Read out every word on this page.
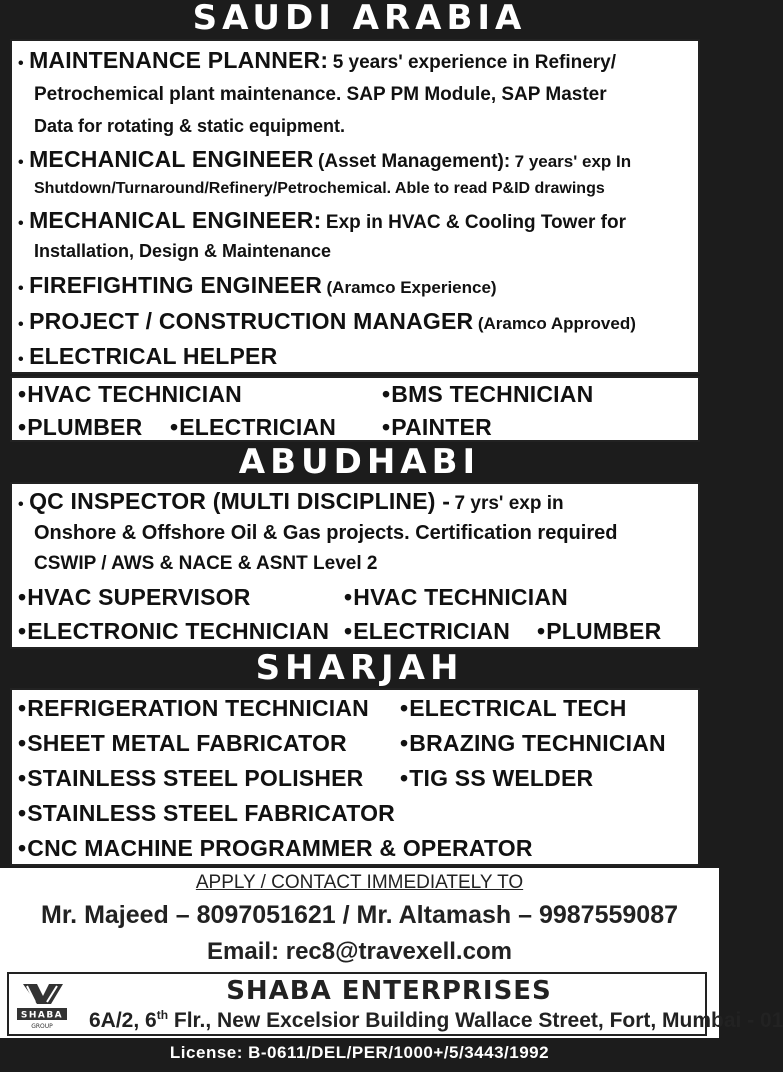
SAUDI ARABIA
• MAINTENANCE PLANNER: 5 years' experience in Refinery/
Petrochemical plant maintenance. SAP PM Module, SAP Master
Data for rotating & static equipment.
• MECHANICAL ENGINEER (Asset Management): 7 years' exp In
Shutdown/Turnaround/Refinery/Petrochemical. Able to read P&ID drawings
• MECHANICAL ENGINEER: Exp in HVAC & Cooling Tower for
Installation, Design & Maintenance
• FIREFIGHTING ENGINEER (Aramco Experience)
• PROJECT / CONSTRUCTION MANAGER (Aramco Approved)
• ELECTRICAL HELPER
• HVAC TECHNICIAN	• BMS TECHNICIAN
• PLUMBER	• ELECTRICIAN	• PAINTER
ABUDHABI
• QC INSPECTOR (MULTI DISCIPLINE) - 7 yrs' exp in
Onshore & Offshore Oil & Gas projects. Certification required
CSWIP / AWS & NACE & ASNT Level 2
• HVAC SUPERVISOR	• HVAC TECHNICIAN
• ELECTRONIC TECHNICIAN	• ELECTRICIAN	• PLUMBER
SHARJAH
• REFRIGERATION TECHNICIAN	• ELECTRICAL TECH
• SHEET METAL FABRICATOR	• BRAZING TECHNICIAN
• STAINLESS STEEL POLISHER	• TIG SS WELDER
• STAINLESS STEEL FABRICATOR
• CNC MACHINE PROGRAMMER & OPERATOR
APPLY / CONTACT IMMEDIATELY TO
Mr. Majeed – 8097051621 / Mr. Altamash – 9987559087
Email: rec8@travexell.com
SHABA
GROUP
SHABA ENTERPRISES
6A/2, 6th Flr., New Excelsior Building Wallace Street, Fort, Mumbai - 01
License: B-0611/DEL/PER/1000+/5/3443/1992
